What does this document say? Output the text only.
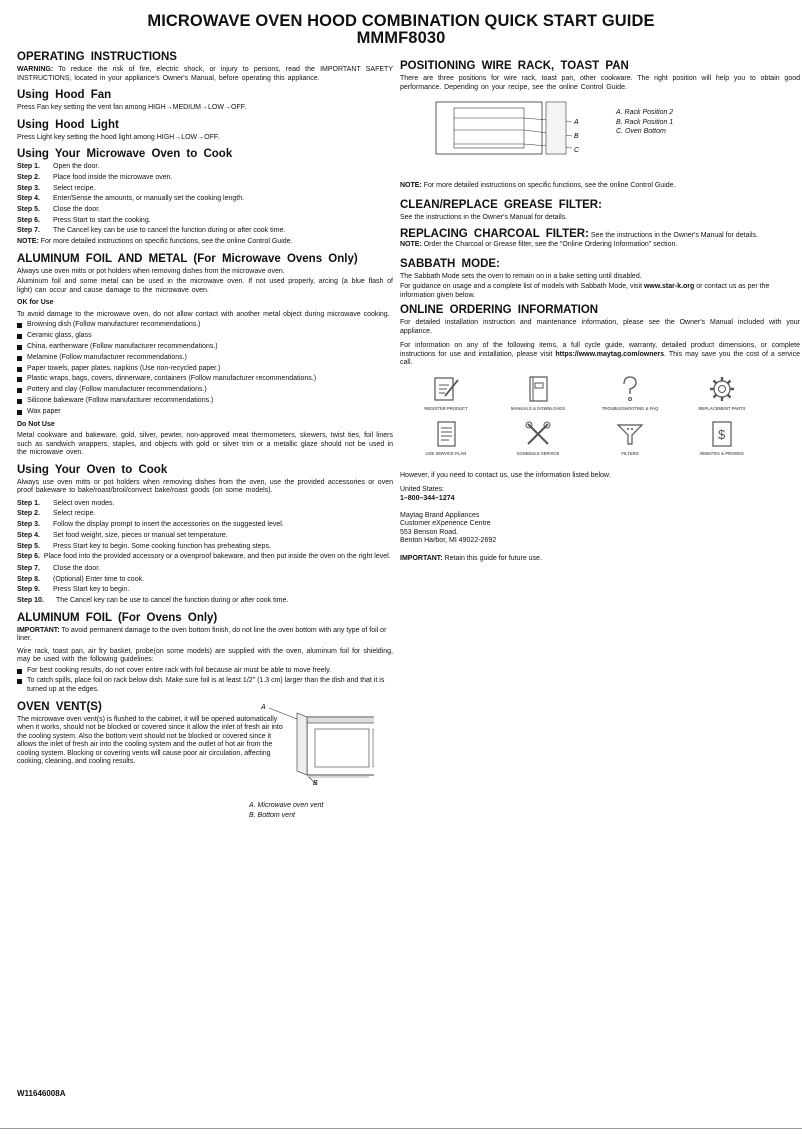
MICROWAVE OVEN HOOD COMBINATION QUICK START GUIDE
MMMF8030
OPERATING INSTRUCTIONS

WARNING: To reduce the risk of fire, electric shock, or injury to persons, read the IMPORTANT SAFETY INSTRUCTIONS, located in your appliance's Owner's Manual, before operating this appliance.

Using Hood Fan

Press Fan key setting the vent fan among HIGH→MEDIUM→LOW→OFF.

Using Hood Light

Press Light key setting the hood light among HIGH→LOW→OFF.

Using Your Microwave Oven to Cook
Step 1. Open the door.
Step 2. Place food inside the microwave oven.
Step 3. Select recipe.
Step 4. Enter/Sense the amounts, or manually set the cooking length.
Step 5. Close the door.
Step 6. Press Start to start the cooking.
Step 7. The Cancel key can be use to cancel the function during or after cook time.

NOTE: For more detailed instructions on specific functions, see the online Control Guide.

ALUMINUM FOIL AND METAL (For Microwave Ovens Only)

Always use oven mitts or pot holders when removing dishes from the microwave oven.

Aluminum foil and some metal can be used in the microwave oven. If not used properly, arcing (a blue flash of light) can occur and cause damage to the microwave oven.

OK for Use

To avoid damage to the microwave oven, do not allow contact with another metal object during microwave cooking.

Browning dish (Follow manufacturer recommendations.)
Ceramic glass, glass
China, earthenware (Follow manufacturer recommendations.)
Melamine (Follow manufacturer recommendations.)
Paper towels, paper plates, napkins (Use non-recycled paper.)
Plastic wraps, bags, covers, dinnerware, containers (Follow manufacturer recommendations.)
Pottery and clay (Follow manufacturer recommendations.)
Silicone bakeware (Follow manufacturer recommendations.)
Wax paper
Do Not Use

Metal cookware and bakeware, gold, silver, pewter, non-approved meat thermometers, skewers, twist ties, foil liners such as sandwich wrappers, staples, and objects with gold or silver trim or a metallic glaze should not be used in the microwave oven.

Using Your Oven to Cook

Always use oven mitts or pot holders when removing dishes from the oven, use the provided accessories or oven proof bakeware to bake/roast/broil/convect bake/roast goods (on some models).

Step 1. Select oven modes.
Step 2. Select recipe.
Step 3. Follow the display prompt to insert the accessories on the suggested level.
Step 4. Set food weight, size, pieces or manual set temperature.
Step 5. Press Start key to begin. Some cooking function has preheating steps.

Step 6. Place food into the provided accessory or a ovenproof bakeware, and then put inside the oven on the right level.

Step 7. Close the door.
Step 8. (Optional) Enter time to cook.
Step 9. Press Start key to begin.
Step 10. The Cancel key can be use to cancel the function during or after cook time.
ALUMINUM FOIL (For Ovens Only)

IMPORTANT: To avoid permanent damage to the oven bottom finish, do not line the oven bottom with any type of foil or liner.

Wire rack, toast pan, air fry basket, probe(on some models) are supplied with the oven, aluminum foil for shielding, may be used with the following guidelines:

For best cooking results, do not cover entire rack with foil because air must be able to move freely.
To catch spills, place foil on rack below dish. Make sure foil is at least 1/2" (1.3 cm) larger than the dish and that it is turned up at the edges.
OVEN VENT(S)

The microwave oven vent(s) is flushed to the cabinet, it will be opened automatically when it works, should not be blocked or covered since it allow the inlet of fresh air into the cooling system. Also the bottom vent should not be blocked or covered since it allows the inlet of fresh air into the cooling system and the outlet of hot air from the cooling system. Blocking or covering vents will cause poor air circulation, affecting cooking, cleaning, and cooling results.

A
B
A. Microwave oven vent
B. Bottom vent
POSITIONING WIRE RACK, TOAST PAN

There are three positions for wire rack, toast pan, other cookware. The right position will help you to obtain good performance. Depending on your recipe, see the online Control Guide.

A
B
C
A. Rack Position 2
B. Rack Position 1
C. Oven Bottom

NOTE: For more detailed instructions on specific functions, see the online Control Guide.

CLEAN/REPLACE GREASE FILTER:

See the instructions in the Owner's Manual for details.

REPLACING CHARCOAL FILTER: See the instructions in the Owner's Manual for details.

NOTE: Order the Charcoal or Grease filter, see the "Online Ordering Information" section.

SABBATH MODE:

The Sabbath Mode sets the oven to remain on in a bake setting until disabled.

For guidance on usage and a complete list of models with Sabbath Mode, visit www.star-k.org or contact us as per the information given below.

ONLINE ORDERING INFORMATION

For detailed installation instruction and maintenance information, please see the Owner's Manual included with your appliance.

For information on any of the following items, a full cycle guide, warranty, detailed product dimensions, or complete instructions for use and installation, please visit https://www.maytag.com/owners. This may save you the cost of a service call.

REGISTER PRODUCT	MANUALS & DOWNLOADS	TROUBLESHOOTING & FAQ	REPLACEMENT PARTS
USE SERVICE PLAN	SCHEDULE SERVICE	FILTERS
$
REBATES & PROMOS

However, if you need to contact us, use the information listed below.

United States:
1–800–344–1274
Maytag Brand Appliances
Customer eXperience Centre
553 Benson Road.
Benton Harbor, MI 49022-2692

IMPORTANT: Retain this guide for future use.

W11646008A
